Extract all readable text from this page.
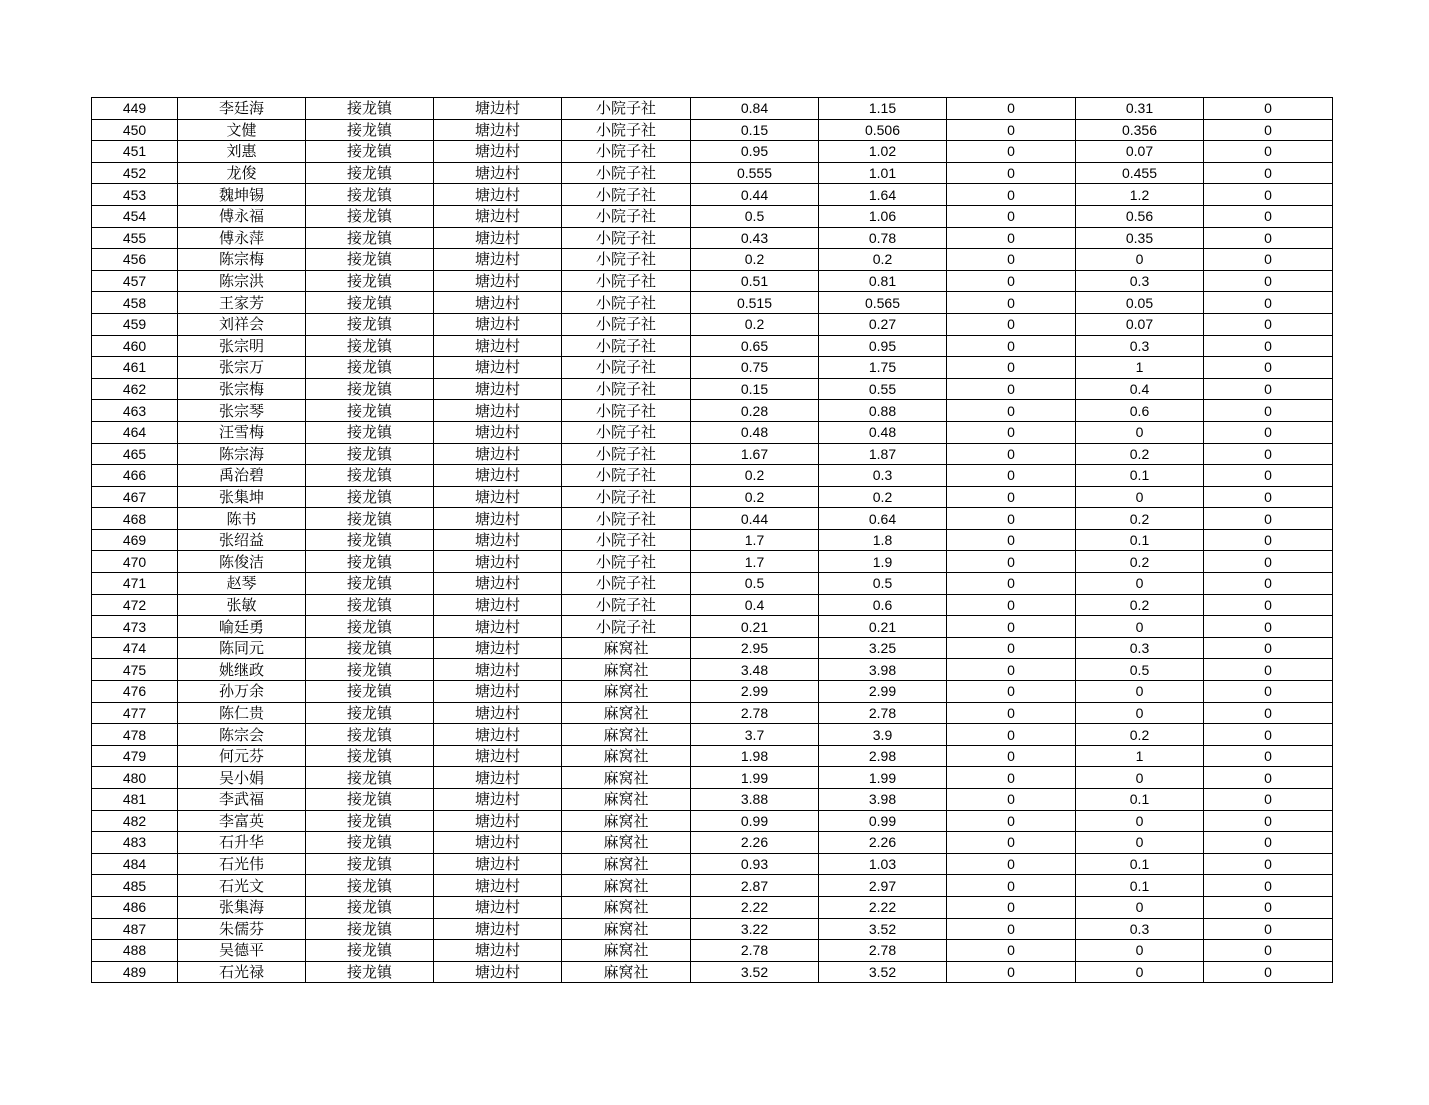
449	李廷海	接龙镇	塘边村	小院子社	0.84	1.15	0	0.31	0
450	文健	接龙镇	塘边村	小院子社	0.15	0.506	0	0.356	0
451	刘惠	接龙镇	塘边村	小院子社	0.95	1.02	0	0.07	0
452	龙俊	接龙镇	塘边村	小院子社	0.555	1.01	0	0.455	0
453	魏坤锡	接龙镇	塘边村	小院子社	0.44	1.64	0	1.2	0
454	傅永福	接龙镇	塘边村	小院子社	0.5	1.06	0	0.56	0
455	傅永萍	接龙镇	塘边村	小院子社	0.43	0.78	0	0.35	0
456	陈宗梅	接龙镇	塘边村	小院子社	0.2	0.2	0	0	0
457	陈宗洪	接龙镇	塘边村	小院子社	0.51	0.81	0	0.3	0
458	王家芳	接龙镇	塘边村	小院子社	0.515	0.565	0	0.05	0
459	刘祥会	接龙镇	塘边村	小院子社	0.2	0.27	0	0.07	0
460	张宗明	接龙镇	塘边村	小院子社	0.65	0.95	0	0.3	0
461	张宗万	接龙镇	塘边村	小院子社	0.75	1.75	0	1	0
462	张宗梅	接龙镇	塘边村	小院子社	0.15	0.55	0	0.4	0
463	张宗琴	接龙镇	塘边村	小院子社	0.28	0.88	0	0.6	0
464	汪雪梅	接龙镇	塘边村	小院子社	0.48	0.48	0	0	0
465	陈宗海	接龙镇	塘边村	小院子社	1.67	1.87	0	0.2	0
466	禹治碧	接龙镇	塘边村	小院子社	0.2	0.3	0	0.1	0
467	张集坤	接龙镇	塘边村	小院子社	0.2	0.2	0	0	0
468	陈书	接龙镇	塘边村	小院子社	0.44	0.64	0	0.2	0
469	张绍益	接龙镇	塘边村	小院子社	1.7	1.8	0	0.1	0
470	陈俊洁	接龙镇	塘边村	小院子社	1.7	1.9	0	0.2	0
471	赵琴	接龙镇	塘边村	小院子社	0.5	0.5	0	0	0
472	张敏	接龙镇	塘边村	小院子社	0.4	0.6	0	0.2	0
473	喻廷勇	接龙镇	塘边村	小院子社	0.21	0.21	0	0	0
474	陈同元	接龙镇	塘边村	麻窝社	2.95	3.25	0	0.3	0
475	姚继政	接龙镇	塘边村	麻窝社	3.48	3.98	0	0.5	0
476	孙万余	接龙镇	塘边村	麻窝社	2.99	2.99	0	0	0
477	陈仁贵	接龙镇	塘边村	麻窝社	2.78	2.78	0	0	0
478	陈宗会	接龙镇	塘边村	麻窝社	3.7	3.9	0	0.2	0
479	何元芬	接龙镇	塘边村	麻窝社	1.98	2.98	0	1	0
480	吴小娟	接龙镇	塘边村	麻窝社	1.99	1.99	0	0	0
481	李武福	接龙镇	塘边村	麻窝社	3.88	3.98	0	0.1	0
482	李富英	接龙镇	塘边村	麻窝社	0.99	0.99	0	0	0
483	石升华	接龙镇	塘边村	麻窝社	2.26	2.26	0	0	0
484	石光伟	接龙镇	塘边村	麻窝社	0.93	1.03	0	0.1	0
485	石光文	接龙镇	塘边村	麻窝社	2.87	2.97	0	0.1	0
486	张集海	接龙镇	塘边村	麻窝社	2.22	2.22	0	0	0
487	朱儒芬	接龙镇	塘边村	麻窝社	3.22	3.52	0	0.3	0
488	吴德平	接龙镇	塘边村	麻窝社	2.78	2.78	0	0	0
489	石光禄	接龙镇	塘边村	麻窝社	3.52	3.52	0	0	0
